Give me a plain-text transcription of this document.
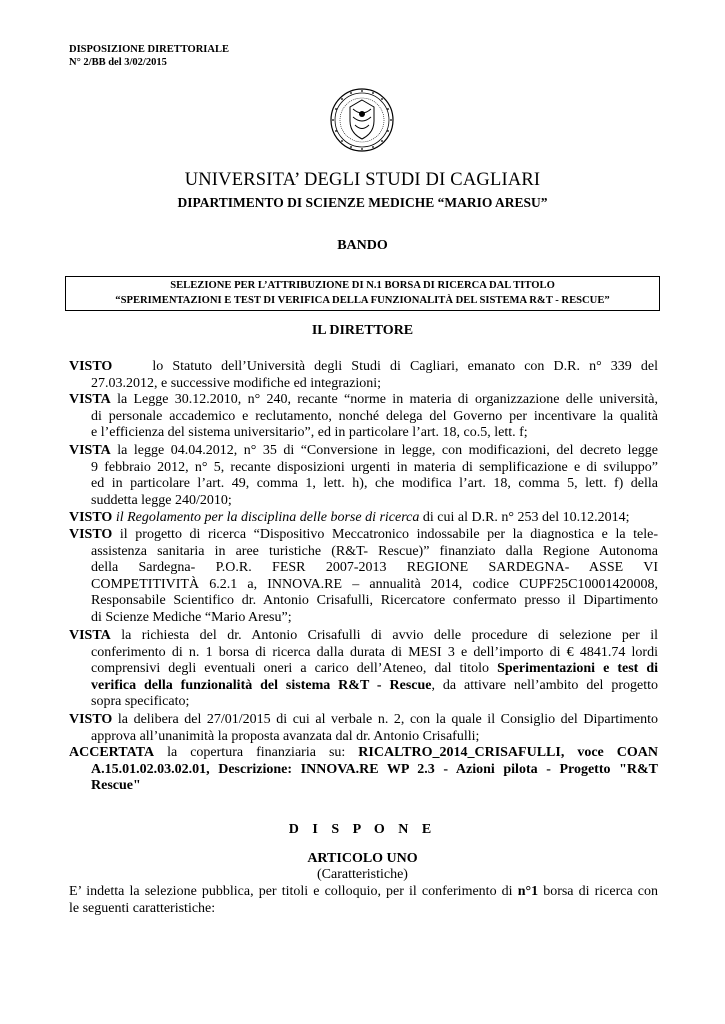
DISPOSIZIONE DIRETTORIALE
N° 2/BB del 3/02/2015
UNIVERSITA’ DEGLI STUDI DI CAGLIARI
DIPARTIMENTO DI SCIENZE MEDICHE “MARIO ARESU”
BANDO
SELEZIONE PER L’ATTRIBUZIONE DI N.1 BORSA DI RICERCA DAL TITOLO
“SPERIMENTAZIONI E TEST DI VERIFICA DELLA FUNZIONALITÀ DEL SISTEMA R&T - RESCUE”
IL DIRETTORE
VISTO	lo Statuto dell’Università degli Studi di Cagliari, emanato con D.R. n° 339 del
27.03.2012, e successive modifiche ed integrazioni;
VISTA la Legge 30.12.2010, n° 240, recante “norme in materia di organizzazione delle università,
di personale accademico e reclutamento, nonché delega del Governo per incentivare la qualità
e l’efficienza del sistema universitario”, ed in particolare l’art. 18, co.5, lett. f;
VISTA la legge 04.04.2012, n° 35 di “Conversione in legge, con modificazioni, del decreto legge
9 febbraio 2012, n° 5, recante disposizioni urgenti in materia di semplificazione e di sviluppo”
ed in particolare l’art. 49, comma 1, lett. h), che modifica l’art. 18, comma 5, lett. f) della
suddetta legge 240/2010;
VISTO il Regolamento per la disciplina delle borse di ricerca di cui al D.R. n° 253 del 10.12.2014;
VISTO il progetto di ricerca “Dispositivo Meccatronico indossabile per la diagnostica e la tele-
assistenza sanitaria in aree turistiche (R&T- Rescue)” finanziato dalla Regione Autonoma
della Sardegna- P.O.R. FESR 2007-2013 REGIONE SARDEGNA- ASSE VI
COMPETITIVITÀ 6.2.1 a, INNOVA.RE – annualità 2014, codice CUPF25C10001420008,
Responsabile Scientifico dr. Antonio Crisafulli, Ricercatore confermato presso il Dipartimento
di Scienze Mediche “Mario Aresu”;
VISTA la richiesta del dr. Antonio Crisafulli di avvio delle procedure di selezione per il
conferimento di n. 1 borsa di ricerca dalla durata di MESI 3 e dell’importo di € 4841.74 lordi
comprensivi degli eventuali oneri a carico dell’Ateneo, dal titolo Sperimentazioni e test di
verifica della funzionalità del sistema R&T - Rescue, da attivare nell’ambito del progetto
sopra specificato;
VISTO la delibera del 27/01/2015 di cui al verbale n. 2, con la quale il Consiglio del Dipartimento
approva all’unanimità la proposta avanzata dal dr. Antonio Crisafulli;
ACCERTATA la copertura finanziaria su: RICALTRO_2014_CRISAFULLI, voce COAN
A.15.01.02.03.02.01, Descrizione: INNOVA.RE WP 2.3 - Azioni pilota - Progetto "R&T
Rescue"
D I S P O N E
ARTICOLO UNO
(Caratteristiche)
E’ indetta la selezione pubblica, per titoli e colloquio, per il conferimento di n°1 borsa di ricerca con
le seguenti caratteristiche:
